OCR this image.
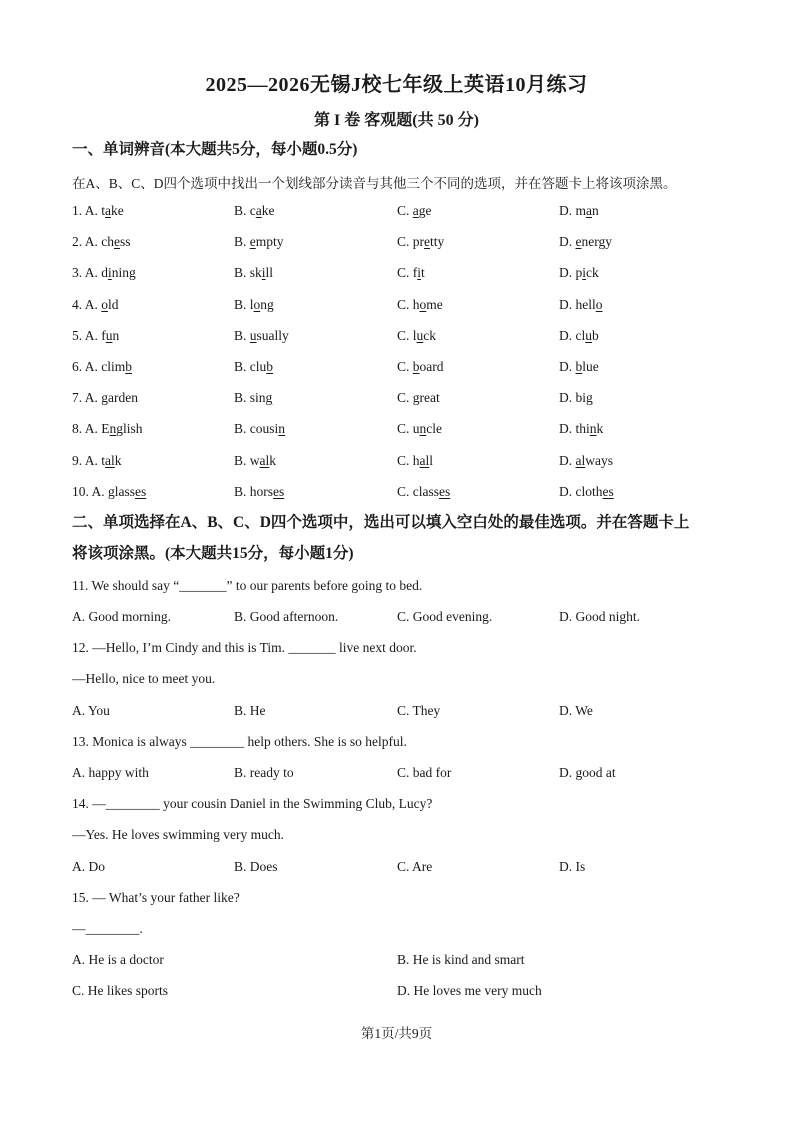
2025—2026无锡J校七年级上英语10月练习
第 I 卷 客观题(共 50 分)
一、单词辨音(本大题共5分，每小题0.5分)
在A、B、C、D四个选项中找出一个划线部分读音与其他三个不同的选项，并在答题卡上将该项涂黑。
1. A. take	B. cake	C. age	D. man
2. A. chess	B. empty	C. pretty	D. energy
3. A. dining	B. skill	C. fit	D. pick
4. A. old	B. long	C. home	D. hello
5. A. fun	B. usually	C. luck	D. club
6. A. climb	B. club	C. board	D. blue
7. A. garden	B. sing	C. great	D. big
8. A. English	B. cousin	C. uncle	D. think
9. A. talk	B. walk	C. hall	D. always
10. A. glasses	B. horses	C. classes	D. clothes
二、单项选择在A、B、C、D四个选项中，选出可以填入空白处的最佳选项。并在答题卡上
将该项涂黑。(本大题共15分，每小题1分)
11. We should say “_______” to our parents before going to bed.
A. Good morning.	B. Good afternoon.	C. Good evening.	D. Good night.
12. —Hello, I’m Cindy and this is Tim. _______ live next door.
—Hello, nice to meet you.
A. You	B. He	C. They	D. We
13. Monica is always ________ help others. She is so helpful.
A. happy with	B. ready to	C. bad for	D. good at
14. —________ your cousin Daniel in the Swimming Club, Lucy?
—Yes. He loves swimming very much.
A. Do	B. Does	C. Are	D. Is
15. — What’s your father like?
—________.
A. He is a doctor	B. He is kind and smart
C. He likes sports	D. He loves me very much
第1页/共9页
